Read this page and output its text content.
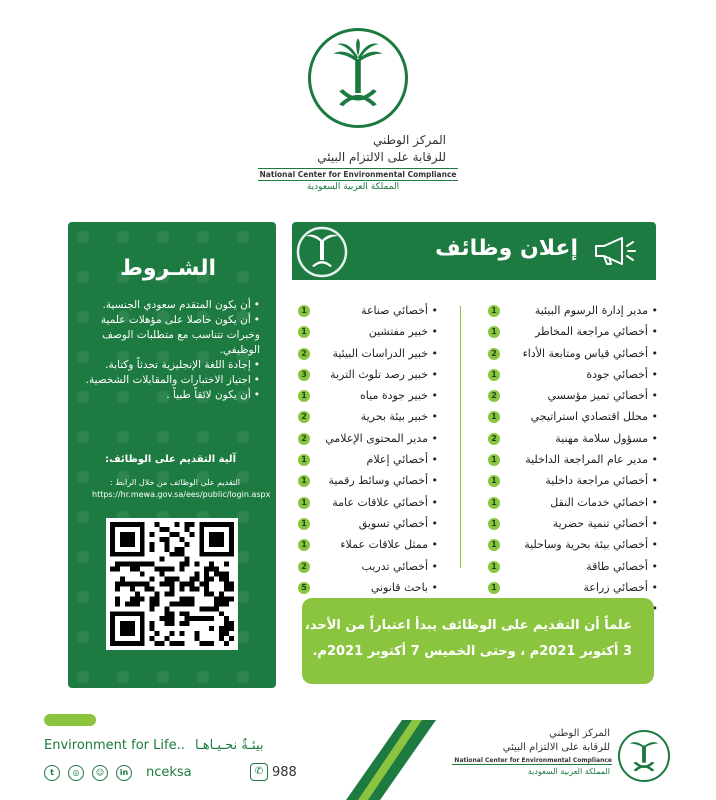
المركز الوطني
للرقابة على الالتزام البيئي
National Center for Environmental Compliance
المملكة العربية السعودية
الشـروط
• أن يكون المتقدم سعودي الجنسية.
• أن يكون حاصلا على مؤهلات علمية وخبرات تتناسب مع متطلبات الوصف الوظيفي.
• إجادة اللغة الإنجليزية تحدثاً وكتابة.
• اجتياز الاختبارات والمقابلات الشخصية.
• أن يكون لائقاً طبياً .
آلية التقديم على الوظائف:
التقديم على الوظائف من خلال الرابط :
https://hr.mewa.gov.sa/ees/public/login.aspx
إعلان وظائف
• مدير إدارة الرسوم البيئية
1
• أخصائي مراجعة المخاطر
1
• أخصائي قياس ومتابعة الأداء
2
• أخصائي جودة
1
• أخصائي تميز مؤسسي
2
• محلل اقتصادي استراتيجي
1
• مسؤول سلامة مهنية
2
• مدير عام المراجعة الداخلية
1
• أخصائي مراجعة داخلية
1
• اخصائي خدمات النقل
1
• أخصائي تنمية حضرية
1
• أخصائي بيئة بحرية وساحلية
1
• أخصائي طاقة
1
• أخصائي زراعة
1
•
• أخصائي صناعة
1
• خبير مفتشين
1
• خبير الدراسات البيئية
2
• خبير رصد تلوث التربة
3
• خبير جودة مياه
1
• خبير بيئة بحرية
2
• مدير المحتوى الإعلامي
2
• أخصائي إعلام
1
• أخصائي وسائط رقمية
1
• أخصائي علاقات عامة
1
• أخصائي تسويق
1
• ممثل علاقات عملاء
1
• أخصائي تدريب
2
• باحث قانوني
5
علماً أن التقديم على الوظائف يبدأ اعتباراً من الأحد،
3 أكتوبر 2021م ، وحتى الخميس 7 أكتوبر 2021م.
Environment for Life.. بيئـةٌ نحـيـاهـا
t	◎	☺	in nceksa	✆ 988
المركز الوطني
للرقابة على الالتزام البيئي
National Center for Environmental Compliance
المملكة العربية السعودية
